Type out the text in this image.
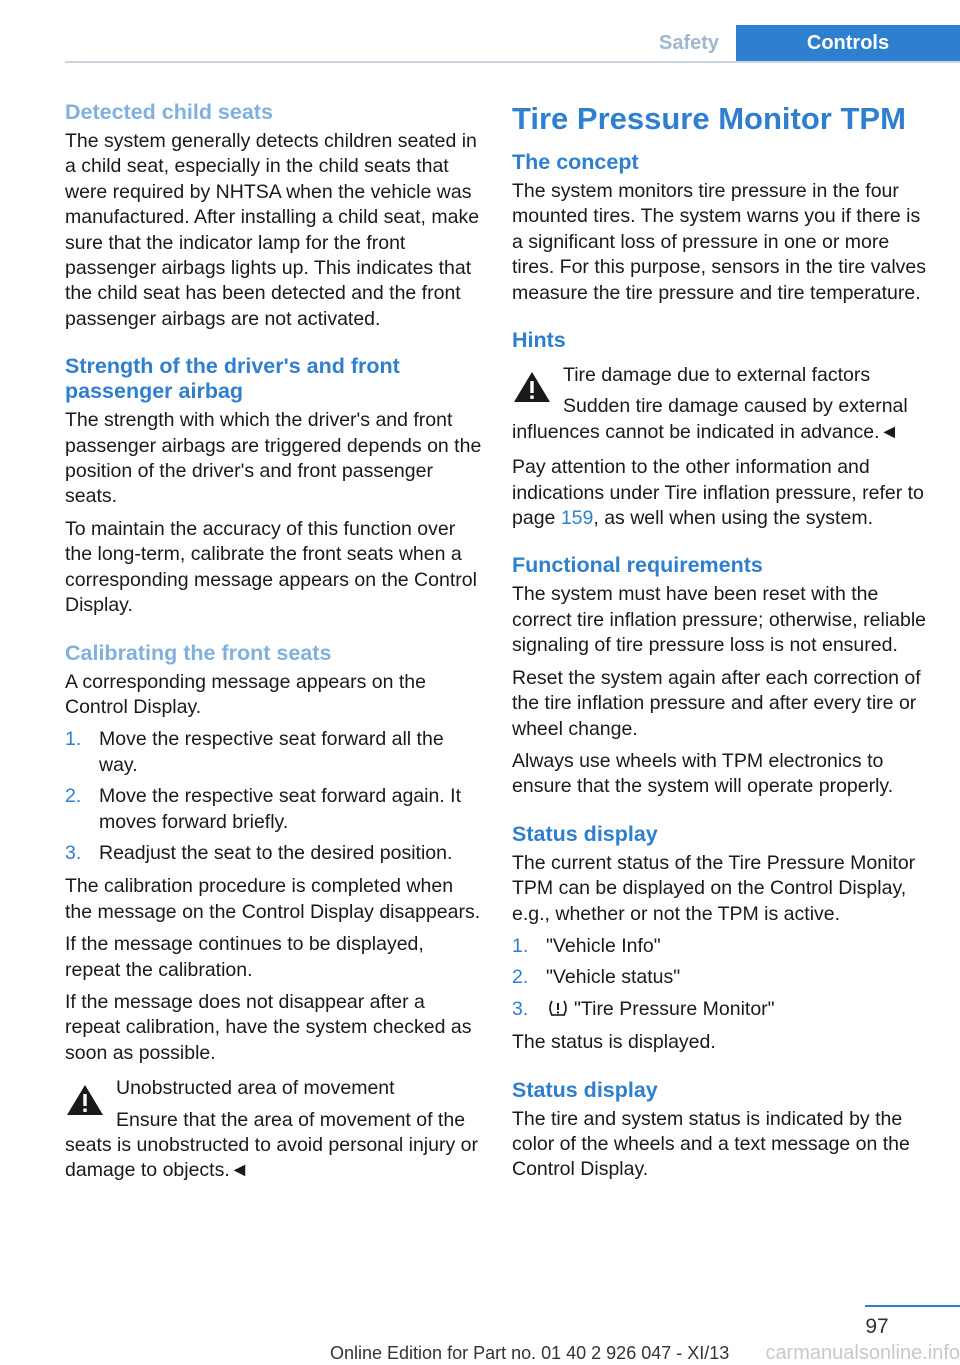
Safety	Controls
Detected child seats

The system generally detects children seated in a child seat, especially in the child seats that were required by NHTSA when the vehicle was manufactured. After installing a child seat, make sure that the indicator lamp for the front passenger airbags lights up. This indicates that the child seat has been detected and the front passenger airbags are not activated.

Strength of the driver's and front passenger airbag

The strength with which the driver's and front passenger airbags are triggered depends on the position of the driver's and front passenger seats.

To maintain the accuracy of this function over the long-term, calibrate the front seats when a corresponding message appears on the Control Display.

Calibrating the front seats

A corresponding message appears on the Control Display.

1. Move the respective seat forward all the way.
2. Move the respective seat forward again. It moves forward briefly.
3. Readjust the seat to the desired position.

The calibration procedure is completed when the message on the Control Display disappears.

If the message continues to be displayed, repeat the calibration.

If the message does not disappear after a repeat calibration, have the system checked as soon as possible.

Unobstructed area of movement

Ensure that the area of movement of the seats is unobstructed to avoid personal injury or damage to objects.◄

Tire Pressure Monitor TPM
The concept

The system monitors tire pressure in the four mounted tires. The system warns you if there is a significant loss of pressure in one or more tires. For this purpose, sensors in the tire valves measure the tire pressure and tire temperature.

Hints

Tire damage due to external factors

Sudden tire damage caused by external influences cannot be indicated in advance.◄

Pay attention to the other information and indications under Tire inflation pressure, refer to page 159, as well when using the system.

Functional requirements

The system must have been reset with the correct tire inflation pressure; otherwise, reliable signaling of tire pressure loss is not ensured.

Reset the system again after each correction of the tire inflation pressure and after every tire or wheel change.

Always use wheels with TPM electronics to ensure that the system will operate properly.

Status display

The current status of the Tire Pressure Monitor TPM can be displayed on the Control Display, e.g., whether or not the TPM is active.

1. "Vehicle Info"
2. "Vehicle status"
3. "Tire Pressure Monitor"

The status is displayed.

Status display

The tire and system status is indicated by the color of the wheels and a text message on the Control Display.

97
Online Edition for Part no. 01 40 2 926 047 - XI/13	carmanualsonline.info
